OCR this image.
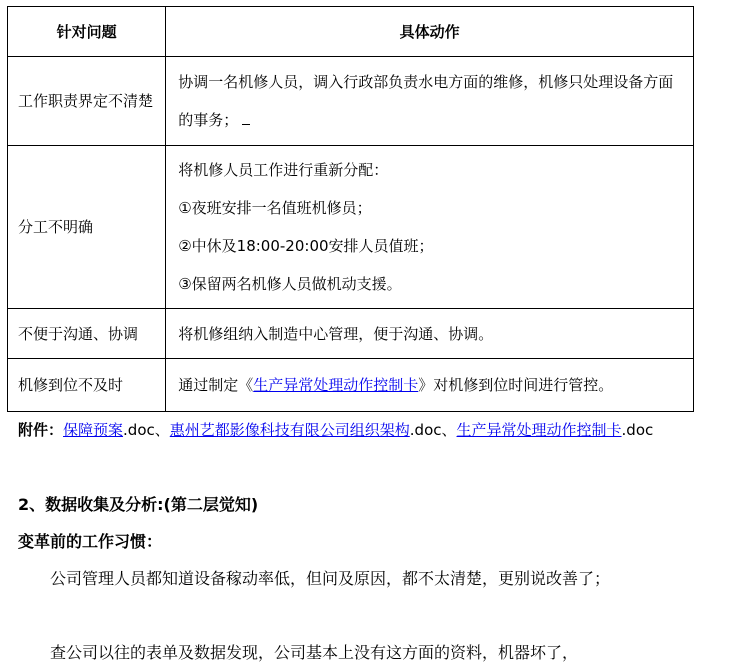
针对问题	具体动作
工作职责界定不清楚	协调一名机修人员，调入行政部负责水电方面的维修，机修只处理设备方面的事务；
分工不明确	将机修人员工作进行重新分配：
①夜班安排一名值班机修员；
②中休及18:00-20:00安排人员值班；
③保留两名机修人员做机动支援。

不便于沟通、协调	将机修组纳入制造中心管理，便于沟通、协调。
机修到位不及时	通过制定《生产异常处理动作控制卡》对机修到位时间进行管控。
附件：保障预案.doc、惠州艺都影像科技有限公司组织架构.doc、生产异常处理动作控制卡.doc
2、数据收集及分析:(第二层觉知)
变革前的工作习惯：
公司管理人员都知道设备稼动率低，但问及原因，都不太清楚，更别说改善了；
查公司以往的表单及数据发现，公司基本上没有这方面的资料，机器坏了，
